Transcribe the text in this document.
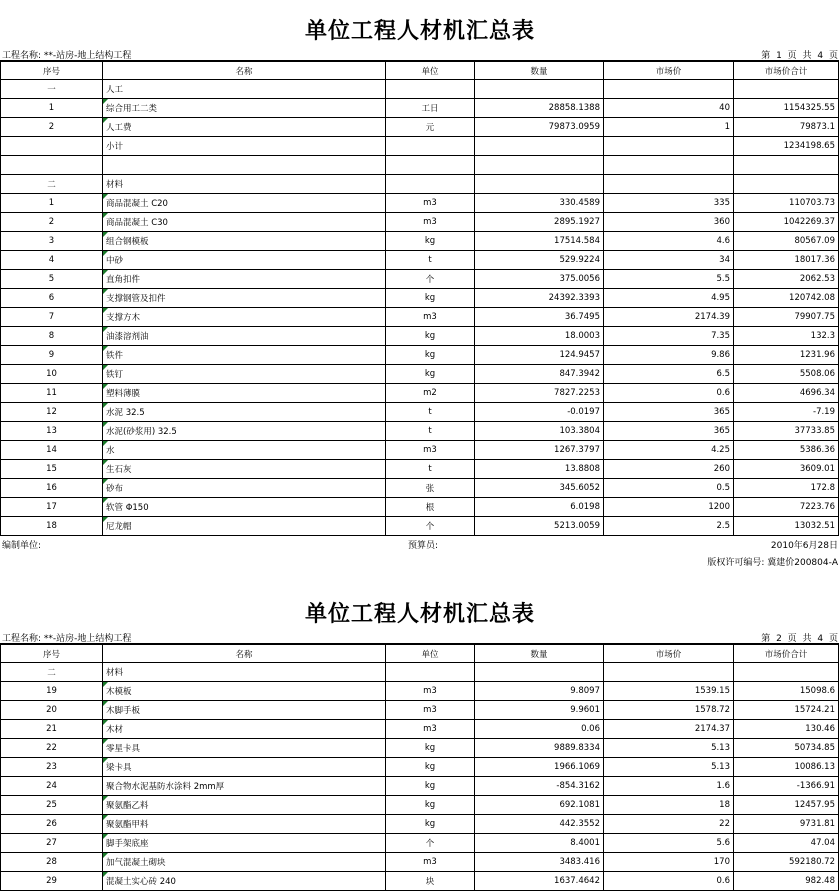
单位工程人材机汇总表
工程名称: **-站房-地上结构工程	第 1 页 共 4 页
序号	名称	单位	数量	市场价	市场价合计
一	人工				
1	综合用工二类	工日	28858.1388	40	1154325.55
2	人工费	元	79873.0959	1	79873.1
	小计				1234198.65

二	材料				
1	商品混凝土 C20	m3	330.4589	335	110703.73
2	商品混凝土 C30	m3	2895.1927	360	1042269.37
3	组合钢模板	kg	17514.584	4.6	80567.09
4	中砂	t	529.9224	34	18017.36
5	直角扣件	个	375.0056	5.5	2062.53
6	支撑钢管及扣件	kg	24392.3393	4.95	120742.08
7	支撑方木	m3	36.7495	2174.39	79907.75
8	油漆溶剂油	kg	18.0003	7.35	132.3
9	铁件	kg	124.9457	9.86	1231.96
10	铁钉	kg	847.3942	6.5	5508.06
11	塑料薄膜	m2	7827.2253	0.6	4696.34
12	水泥 32.5	t	-0.0197	365	-7.19
13	水泥(砂浆用) 32.5	t	103.3804	365	37733.85
14	水	m3	1267.3797	4.25	5386.36
15	生石灰	t	13.8808	260	3609.01
16	砂布	张	345.6052	0.5	172.8
17	软管 Φ150	根	6.0198	1200	7223.76
18	尼龙帽	个	5213.0059	2.5	13032.51
编制单位:	预算员:	2010年6月28日
版权许可编号: 冀建价200804-A
单位工程人材机汇总表
工程名称: **-站房-地上结构工程	第 2 页 共 4 页
序号	名称	单位	数量	市场价	市场价合计
二	材料				
19	木模板	m3	9.8097	1539.15	15098.6
20	木脚手板	m3	9.9601	1578.72	15724.21
21	木材	m3	0.06	2174.37	130.46
22	零星卡具	kg	9889.8334	5.13	50734.85
23	梁卡具	kg	1966.1069	5.13	10086.13
24	聚合物水泥基防水涂料 2mm厚	kg	-854.3162	1.6	-1366.91
25	聚氨酯乙料	kg	692.1081	18	12457.95
26	聚氨酯甲料	kg	442.3552	22	9731.81
27	脚手架底座	个	8.4001	5.6	47.04
28	加气混凝土砌块	m3	3483.416	170	592180.72
29	混凝土实心砖 240	块	1637.4642	0.6	982.48
